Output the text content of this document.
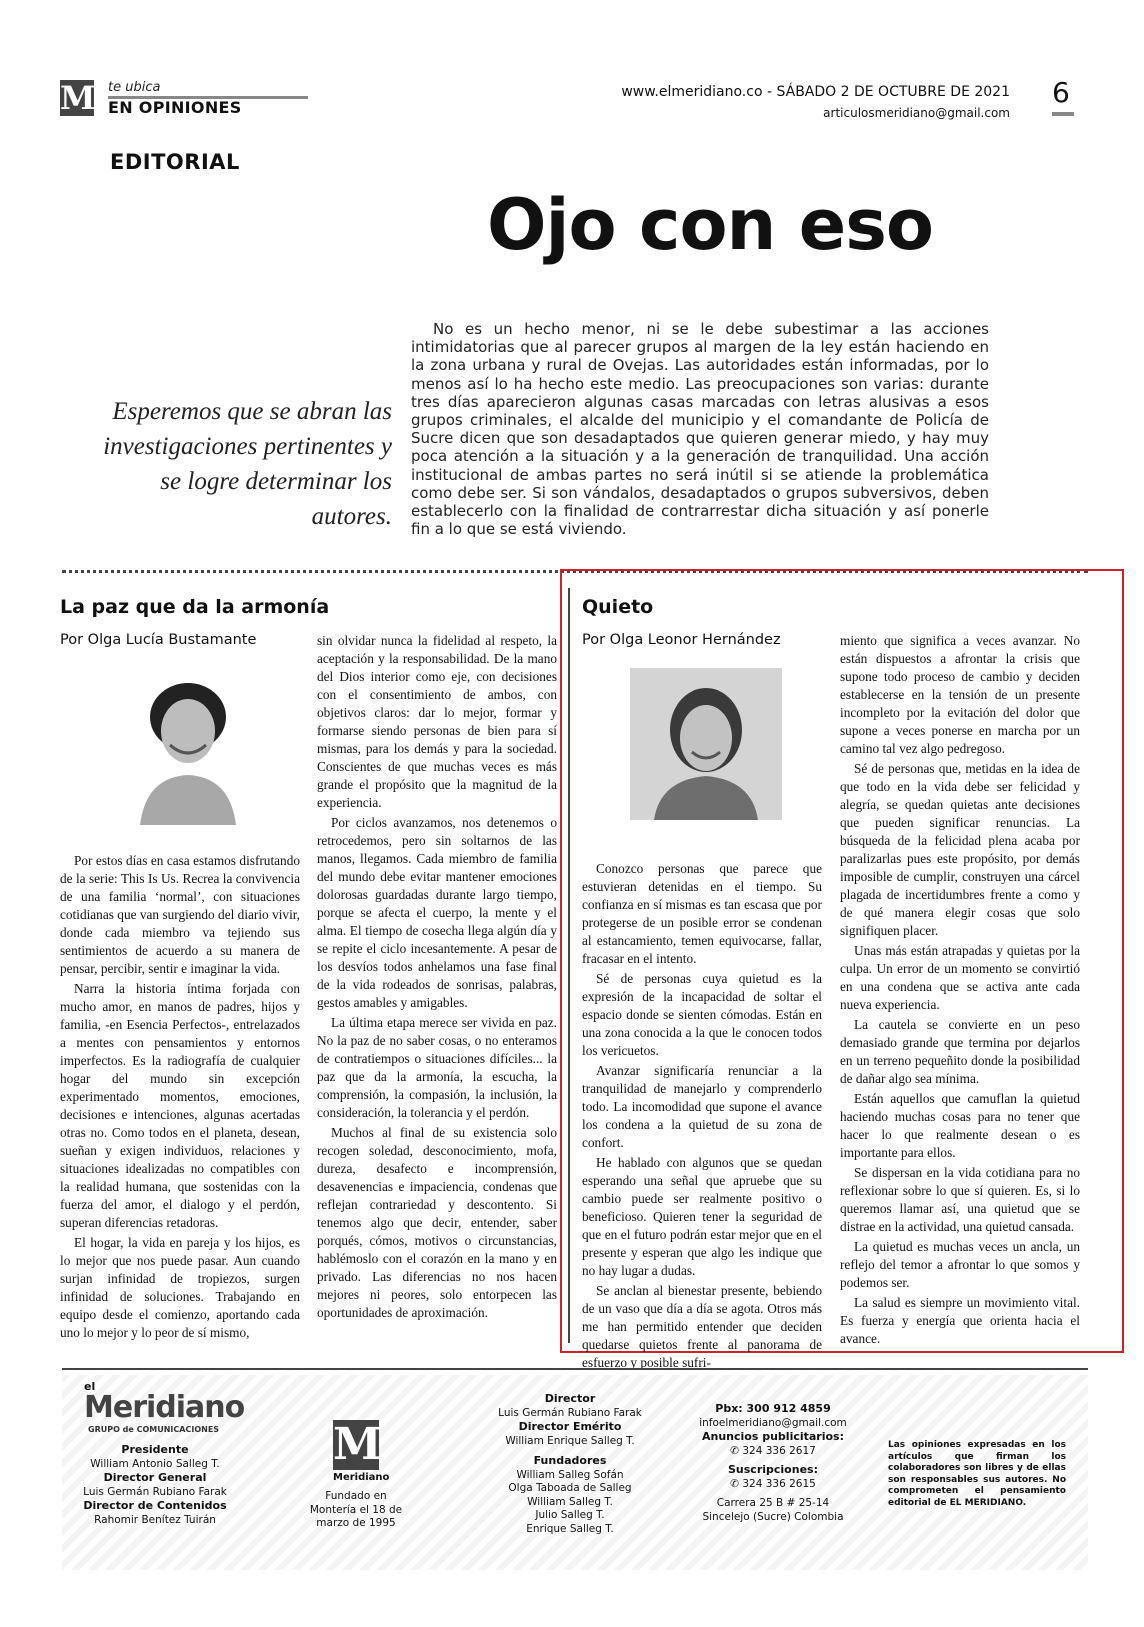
M te ubica
EN OPINIONES
www.elmeridiano.co - SÁBADO 2 DE OCTUBRE DE 2021
articulosmeridiano@gmail.com
6
EDITORIAL
Ojo con eso
Esperemos que se abran las investigaciones pertinentes y se logre determinar los autores.

No es un hecho menor, ni se le debe subestimar a las acciones intimidatorias que al parecer grupos al margen de la ley están haciendo en la zona urbana y rural de Ovejas. Las autoridades están informadas, por lo menos así lo ha hecho este medio. Las preocupaciones son varias: durante tres días aparecieron algunas casas marcadas con letras alusivas a esos grupos criminales, el alcalde del municipio y el comandante de Policía de Sucre dicen que son desadaptados que quieren generar miedo, y hay muy poca atención a la situación y a la generación de tranquilidad. Una acción institucional de ambas partes no será inútil si se atiende la problemática como debe ser. Si son vándalos, desadaptados o grupos subversivos, deben establecerlo con la finalidad de contrarrestar dicha situación y así ponerle fin a lo que se está viviendo.

La paz que da la armonía
Por Olga Lucía Bustamante

Por estos días en casa estamos disfrutando de la serie: This Is Us. Recrea la convivencia de una familia ‘normal’, con situaciones cotidianas que van surgiendo del diario vivir, donde cada miembro va tejiendo sus sentimientos de acuerdo a su manera de pensar, percibir, sentir e imaginar la vida.

Narra la historia íntima forjada con mucho amor, en manos de padres, hijos y familia, -en Esencia Perfectos-, entrelazados a mentes con pensamientos y entornos imperfectos. Es la radiografía de cualquier hogar del mundo sin excepción experimentado momentos, emociones, decisiones e intenciones, algunas acertadas otras no. Como todos en el planeta, desean, sueñan y exigen individuos, relaciones y situaciones idealizadas no compatibles con la realidad humana, que sostenidas con la fuerza del amor, el dialogo y el perdón, superan diferencias retadoras.

El hogar, la vida en pareja y los hijos, es lo mejor que nos puede pasar. Aun cuando surjan infinidad de tropiezos, surgen infinidad de soluciones. Trabajando en equipo desde el comienzo, aportando cada uno lo mejor y lo peor de sí mismo,

sin olvidar nunca la fidelidad al respeto, la aceptación y la responsabilidad. De la mano del Dios interior como eje, con decisiones con el consentimiento de ambos, con objetivos claros: dar lo mejor, formar y formarse siendo personas de bien para sí mismas, para los demás y para la sociedad. Conscientes de que muchas veces es más grande el propósito que la magnitud de la experiencia.

Por ciclos avanzamos, nos detenemos o retrocedemos, pero sin soltarnos de las manos, llegamos. Cada miembro de familia del mundo debe evitar mantener emociones dolorosas guardadas durante largo tiempo, porque se afecta el cuerpo, la mente y el alma. El tiempo de cosecha llega algún día y se repite el ciclo incesantemente. A pesar de los desvíos todos anhelamos una fase final de la vida rodeados de sonrisas, palabras, gestos amables y amigables.

La última etapa merece ser vivida en paz. No la paz de no saber cosas, o no enteramos de contratiempos o situaciones difíciles... la paz que da la armonía, la escucha, la comprensión, la compasión, la inclusión, la consideración, la tolerancia y el perdón.

Muchos al final de su existencia solo recogen soledad, desconocimiento, mofa, dureza, desafecto e incomprensión, desavenencias e impaciencia, condenas que reflejan contrariedad y descontento. Si tenemos algo que decir, entender, saber porqués, cómos, motivos o circunstancias, hablémoslo con el corazón en la mano y en privado. Las diferencias no nos hacen mejores ni peores, solo entorpecen las oportunidades de aproximación.

Quieto
Por Olga Leonor Hernández

Conozco personas que parece que estuvieran detenidas en el tiempo. Su confianza en sí mismas es tan escasa que por protegerse de un posible error se condenan al estancamiento, temen equivocarse, fallar, fracasar en el intento.

Sé de personas cuya quietud es la expresión de la incapacidad de soltar el espacio donde se sienten cómodas. Están en una zona conocida a la que le conocen todos los vericuetos.

Avanzar significaría renunciar a la tranquilidad de manejarlo y comprenderlo todo. La incomodidad que supone el avance los condena a la quietud de su zona de confort.

He hablado con algunos que se quedan esperando una señal que apruebe que su cambio puede ser realmente positivo o beneficioso. Quieren tener la seguridad de que en el futuro podrán estar mejor que en el presente y esperan que algo les indique que no hay lugar a dudas.

Se anclan al bienestar presente, bebiendo de un vaso que día a día se agota. Otros más me han permitido entender que deciden quedarse quietos frente al panorama de esfuerzo y posible sufri-

miento que significa a veces avanzar. No están dispuestos a afrontar la crisis que supone todo proceso de cambio y deciden establecerse en la tensión de un presente incompleto por la evitación del dolor que supone a veces ponerse en marcha por un camino tal vez algo pedregoso.

Sé de personas que, metidas en la idea de que todo en la vida debe ser felicidad y alegría, se quedan quietas ante decisiones que pueden significar renuncias. La búsqueda de la felicidad plena acaba por paralizarlas pues este propósito, por demás imposible de cumplir, construyen una cárcel plagada de incertidumbres frente a como y de qué manera elegir cosas que solo signifiquen placer.

Unas más están atrapadas y quietas por la culpa. Un error de un momento se convirtió en una condena que se activa ante cada nueva experiencia.

La cautela se convierte en un peso demasiado grande que termina por dejarlos en un terreno pequeñito donde la posibilidad de dañar algo sea mínima.

Están aquellos que camuflan la quietud haciendo muchas cosas para no tener que hacer lo que realmente desean o es importante para ellos.

Se dispersan en la vida cotidiana para no reflexionar sobre lo que sí quieren. Es, si lo queremos llamar así, una quietud que se distrae en la actividad, una quietud cansada.

La quietud es muchas veces un ancla, un reflejo del temor a afrontar lo que somos y podemos ser.

La salud es siempre un movimiento vital. Es fuerza y energía que orienta hacia el avance.

el
Meridiano
GRUPO de COMUNICACIONES
Presidente
William Antonio Salleg T.
Director General
Luis Germán Rubiano Farak
Director de Contenidos
Rahomir Benítez Tuirán
M
Meridiano
Fundado en Montería el 18 de marzo de 1995
Director
Luis Germán Rubiano Farak
Director Emérito
William Enrique Salleg T.

Fundadores
William Salleg Sofán
Olga Taboada de Salleg
William Salleg T.
Julio Salleg T.
Enrique Salleg T.
Pbx: 300 912 4859
infoelmeridiano@gmail.com
Anuncios publicitarios:
✆ 324 336 2617

Suscripciones:
✆ 324 336 2615

Carrera 25 B # 25-14
Sincelejo (Sucre) Colombia
Las opiniones expresadas en los artículos que firman los colaboradores son libres y de ellas son responsables sus autores. No comprometen el pensamiento editorial de EL MERIDIANO.
